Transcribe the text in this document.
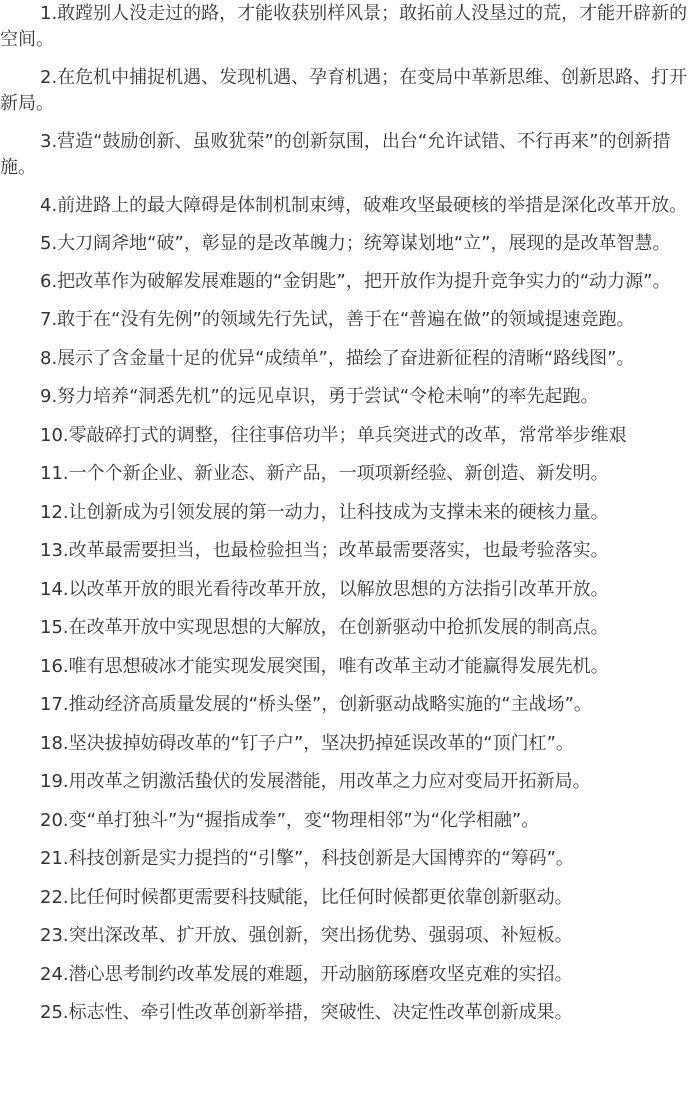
1.敢蹚别人没走过的路，才能收获别样风景；敢拓前人没垦过的荒，才能开辟新的空间。

2.在危机中捕捉机遇、发现机遇、孕育机遇；在变局中革新思维、创新思路、打开新局。

3.营造“鼓励创新、虽败犹荣”的创新氛围，出台“允许试错、不行再来”的创新措施。

4.前进路上的最大障碍是体制机制束缚，破难攻坚最硬核的举措是深化改革开放。

5.大刀阔斧地“破”，彰显的是改革魄力；统筹谋划地“立”，展现的是改革智慧。

6.把改革作为破解发展难题的“金钥匙”，把开放作为提升竞争实力的“动力源”。

7.敢于在“没有先例”的领域先行先试，善于在“普遍在做”的领域提速竞跑。

8.展示了含金量十足的优异“成绩单”，描绘了奋进新征程的清晰“路线图”。

9.努力培养“洞悉先机”的远见卓识，勇于尝试“令枪未响”的率先起跑。

10.零敲碎打式的调整，往往事倍功半；单兵突进式的改革，常常举步维艰

11.一个个新企业、新业态、新产品，一项项新经验、新创造、新发明。

12.让创新成为引领发展的第一动力，让科技成为支撑未来的硬核力量。

13.改革最需要担当，也最检验担当；改革最需要落实，也最考验落实。

14.以改革开放的眼光看待改革开放，以解放思想的方法指引改革开放。

15.在改革开放中实现思想的大解放，在创新驱动中抢抓发展的制高点。

16.唯有思想破冰才能实现发展突围，唯有改革主动才能赢得发展先机。

17.推动经济高质量发展的“桥头堡”，创新驱动战略实施的“主战场”。

18.坚决拔掉妨碍改革的“钉子户”，坚决扔掉延误改革的“顶门杠”。

19.用改革之钥激活蛰伏的发展潜能，用改革之力应对变局开拓新局。

20.变“单打独斗”为“握指成拳”，变“物理相邻”为“化学相融”。

21.科技创新是实力提挡的“引擎”，科技创新是大国博弈的“筹码”。

22.比任何时候都更需要科技赋能，比任何时候都更依靠创新驱动。

23.突出深改革、扩开放、强创新，突出扬优势、强弱项、补短板。

24.潜心思考制约改革发展的难题，开动脑筋琢磨攻坚克难的实招。

25.标志性、牵引性改革创新举措，突破性、决定性改革创新成果。
